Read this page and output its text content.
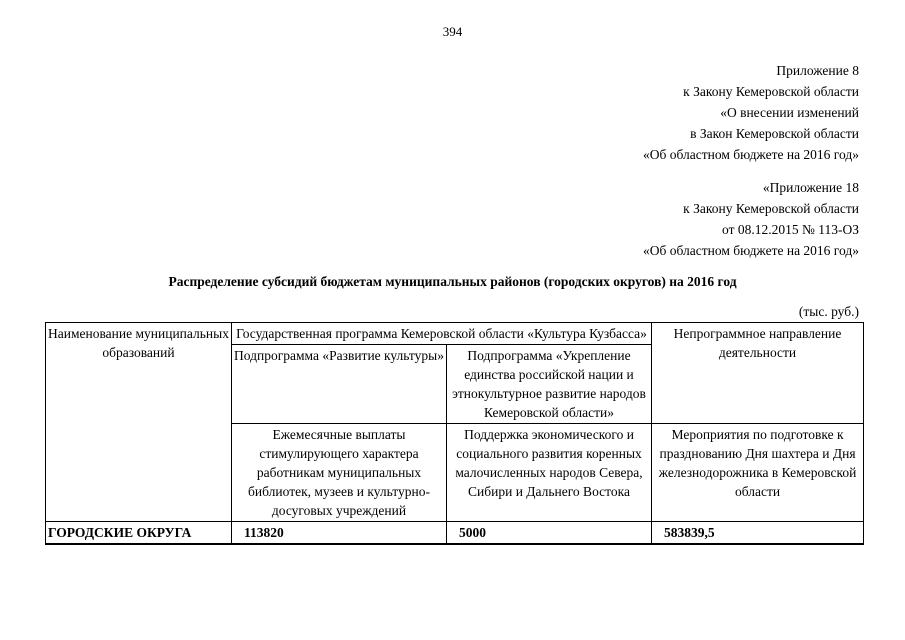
394
Приложение 8
к Закону Кемеровской области
«О внесении изменений
в Закон Кемеровской области
«Об областном бюджете на 2016 год»
«Приложение 18
к Закону Кемеровской области
от 08.12.2015 № 113-ОЗ
«Об областном бюджете на 2016 год»
Распределение субсидий бюджетам муниципальных районов (городских округов) на 2016 год
(тыс. руб.)
Наименование муниципальных образований	Государственная программа Кемеровской области «Культура Кузбасса»		Непрограммное направление деятельности
	Подпрограмма «Развитие культуры»	Подпрограмма «Укрепление единства российской нации и этнокультурное развитие народов Кемеровской области»	
	Ежемесячные выплаты стимулирующего характера работникам муниципальных библиотек, музеев и культурно-досуговых учреждений	Поддержка экономического и социального развития коренных малочисленных народов Севера, Сибири и Дальнего Востока	Мероприятия по подготовке к празднованию Дня шахтера и Дня железнодорожника в Кемеровской области
ГОРОДСКИЕ ОКРУГА	113820	5000	583839,5
